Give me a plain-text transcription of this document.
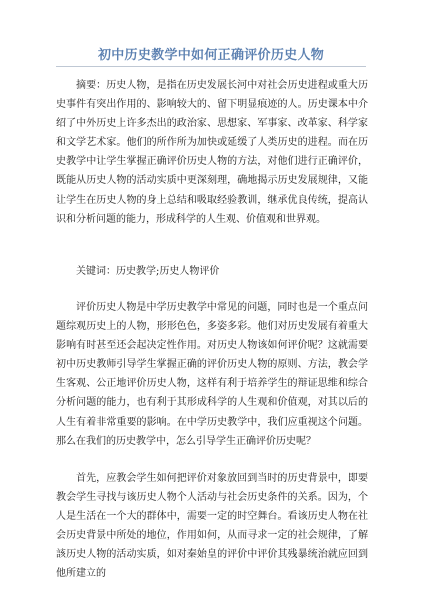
初中历史教学中如何正确评价历史人物

摘要：历史人物，是指在历史发展长河中对社会历史进程或重大历史事件有突出作用的、影响较大的、留下明显痕迹的人。历史课本中介绍了中外历史上许多杰出的政治家、思想家、军事家、改革家、科学家和文学艺术家。他们的所作所为加快或延缓了人类历史的进程。而在历史教学中让学生掌握正确评价历史人物的方法，对他们进行正确评价，既能从历史人物的活动实质中更深刻理，确地揭示历史发展规律，又能让学生在历史人物的身上总结和吸取经验教训，继承优良传统，提高认识和分析问题的能力，形成科学的人生观、价值观和世界观。

关键词：历史教学;历史人物评价

评价历史人物是中学历史教学中常见的问题，同时也是一个重点问题综观历史上的人物，形形色色，多姿多彩。他们对历史发展有着重大影响有时甚至还会起决定性作用。对历史人物该如何评价呢？这就需要初中历史教师引导学生掌握正确的评价历史人物的原则、方法，教会学生客观、公正地评价历史人物，这样有利于培养学生的辩证思维和综合分析问题的能力，也有利于其形成科学的人生观和价值观，对其以后的人生有着非常重要的影响。在中学历史教学中，我们应重视这个问题。那么在我们的历史教学中，怎么引导学生正确评价历史呢？

首先，应教会学生如何把评价对象放回到当时的历史背景中，即要教会学生寻找与该历史人物个人活动与社会历史条件的关系。因为，个人是生活在一个大的群体中，需要一定的时空舞台。看该历史人物在社会历史背景中所处的地位，作用如何，从而寻求一定的社会规律，了解該历史人物的活动实质，如对秦始皇的评价中评价其残暴统治就应回到他所建立的
